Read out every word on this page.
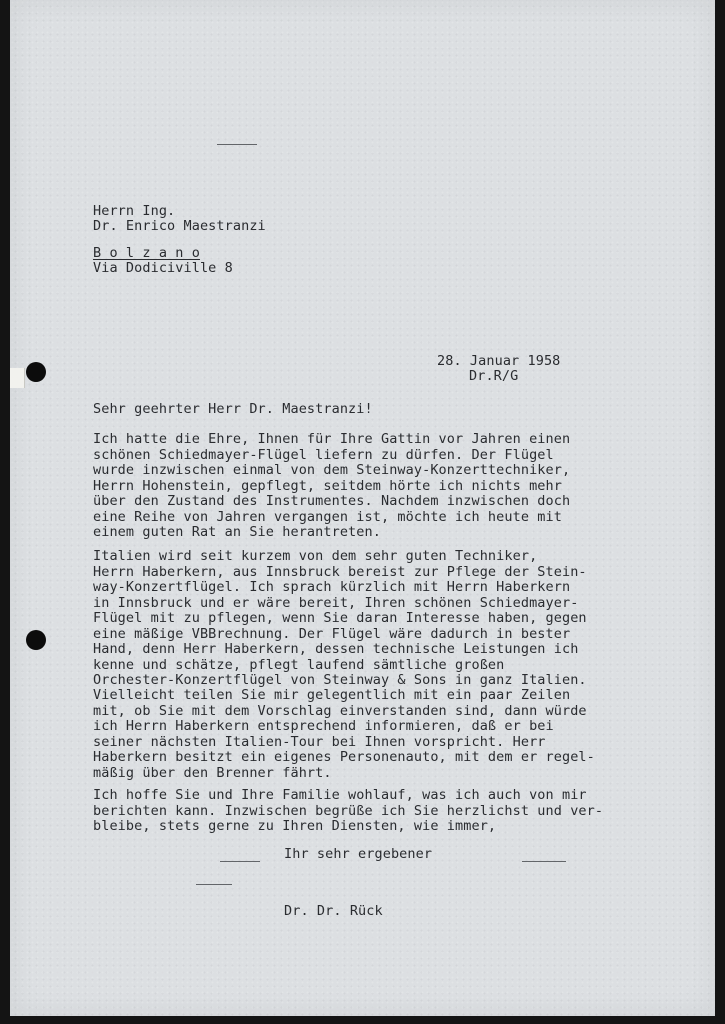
Herrn Ing.
Dr. Enrico Maestranzi
B o l z a n o
Via Dodiciville 8
28. Januar 1958
Dr.R/G
Sehr geehrter Herr Dr. Maestranzi!
Ich hatte die Ehre, Ihnen für Ihre Gattin vor Jahren einen
schönen Schiedmayer-Flügel liefern zu dürfen. Der Flügel
wurde inzwischen einmal von dem Steinway-Konzerttechniker,
Herrn Hohenstein, gepflegt, seitdem hörte ich nichts mehr
über den Zustand des Instrumentes. Nachdem inzwischen doch
eine Reihe von Jahren vergangen ist, möchte ich heute mit
einem guten Rat an Sie herantreten.
Italien wird seit kurzem von dem sehr guten Techniker,
Herrn Haberkern, aus Innsbruck bereist zur Pflege der Stein-
way-Konzertflügel. Ich sprach kürzlich mit Herrn Haberkern
in Innsbruck und er wäre bereit, Ihren schönen Schiedmayer-
Flügel mit zu pflegen, wenn Sie daran Interesse haben, gegen
eine mäßige VBBrechnung. Der Flügel wäre dadurch in bester
Hand, denn Herr Haberkern, dessen technische Leistungen ich
kenne und schätze, pflegt laufend sämtliche großen
Orchester-Konzertflügel von Steinway & Sons in ganz Italien.
Vielleicht teilen Sie mir gelegentlich mit ein paar Zeilen
mit, ob Sie mit dem Vorschlag einverstanden sind, dann würde
ich Herrn Haberkern entsprechend informieren, daß er bei
seiner nächsten Italien-Tour bei Ihnen vorspricht. Herr
Haberkern besitzt ein eigenes Personenauto, mit dem er regel-
mäßig über den Brenner fährt.
Ich hoffe Sie und Ihre Familie wohlauf, was ich auch von mir
berichten kann. Inzwischen begrüße ich Sie herzlichst und ver-
bleibe, stets gerne zu Ihren Diensten, wie immer,
Ihr sehr ergebener
Dr. Dr. Rück
